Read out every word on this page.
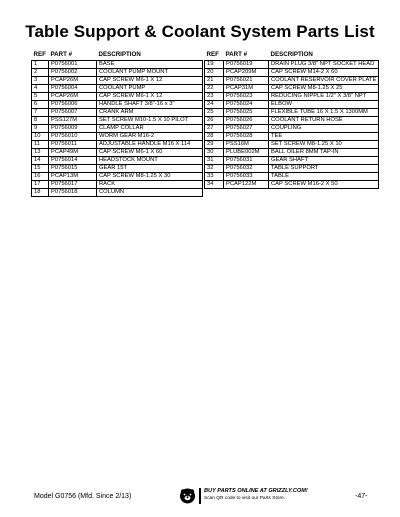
Table Support & Coolant System Parts List
REF	PART #	DESCRIPTION
1	P0756001	BASE
2	P0756002	COOLANT PUMP MOUNT
3	PCAP26M	CAP SCREW M6-1 X 12
4	P0756004	COOLANT PUMP
5	PCAP26M	CAP SCREW M6-1 X 12
6	P0756006	HANDLE SHAFT 3/8"-16 x 3"
7	P0756007	CRANK ARM
8	PSS127M	SET SCREW M10-1.5 X 10 PILOT
9	P0756009	CLAMP COLLAR
10	P0756010	WORM GEAR M16-2
11	P0756011	ADJUSTABLE HANDLE M16 X 114
13	PCAP49M	CAP SCREW M6-1 X 60
14	P0756014	HEADSTOCK MOUNT
15	P0756015	GEAR 15T
16	PCAP13M	CAP SCREW M8-1.25 X 30
17	P0756017	RACK
18	P0756018	COLUMN
REF	PART #	DESCRIPTION
19	P0756019	DRAIN PLUG 3/8" NPT SOCKET HEAD
20	PCAP209M	CAP SCREW M14-2 X 60
21	P0756021	COOLANT RESERVOIR COVER PLATE
22	PCAP31M	CAP SCREW M8-1.25 X 25
23	P0756023	REDUCING NIPPLE 1/2" X 3/8" NPT
24	P0756024	ELBOW
25	P0756025	FLEXIBLE TUBE 16 X 1.5 X 1300MM
26	P0756026	COOLANT RETURN HOSE
27	P0756027	COUPLING
28	P0756028	TEE
29	PSS16M	SET SCREW M8-1.25 X 10
30	PLUBE002M	BALL OILER 8MM TAP-IN
31	P0756031	GEAR SHAFT
32	P0756032	TABLE SUPPORT
33	P0756033	TABLE
34	PCAP122M	CAP SCREW M16-2 X 50
Model G0756 (Mfd. Since 2/13)
BUY PARTS ONLINE AT GRIZZLY.COM!
Scan QR code to visit our Parts Store.	-47-
